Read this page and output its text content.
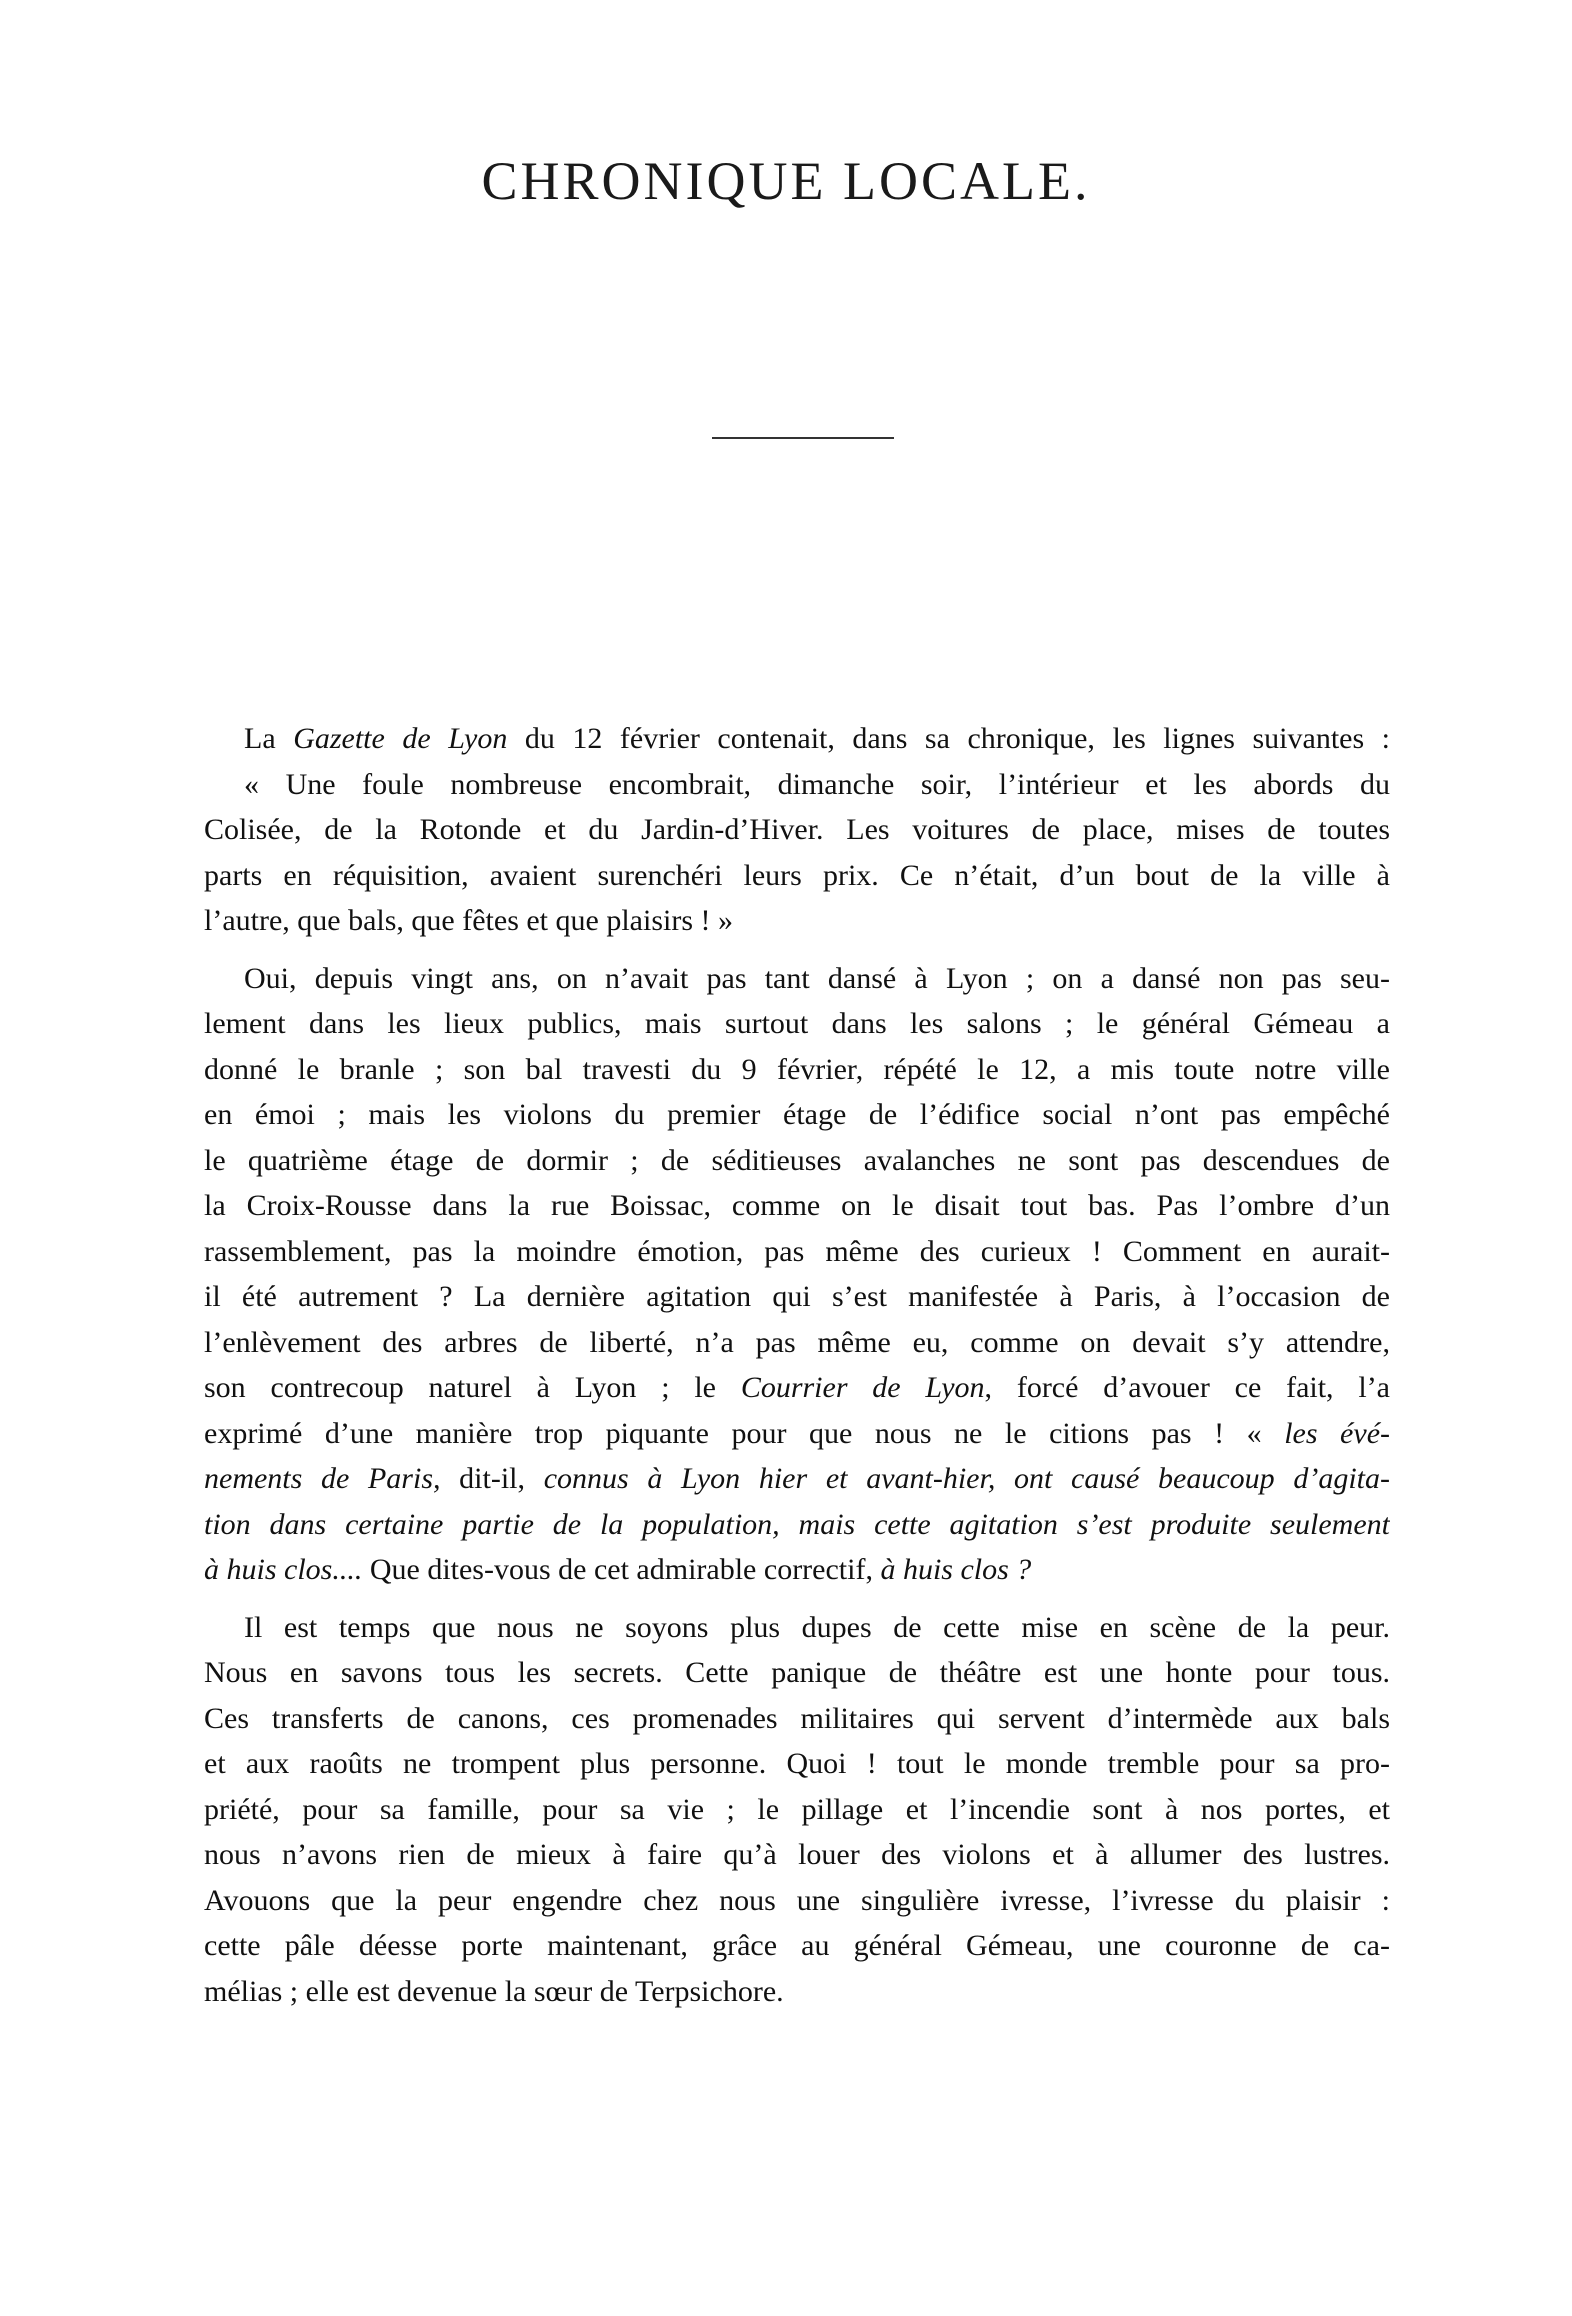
CHRONIQUE LOCALE.
La Gazette de Lyon du 12 février contenait, dans sa chronique, les lignes suivantes :
« Une foule nombreuse encombrait, dimanche soir, l’intérieur et les abords du
Colisée, de la Rotonde et du Jardin-d’Hiver. Les voitures de place, mises de toutes
parts en réquisition, avaient surenchéri leurs prix. Ce n’était, d’un bout de la ville à
l’autre, que bals, que fêtes et que plaisirs ! »
Oui, depuis vingt ans, on n’avait pas tant dansé à Lyon ; on a dansé non pas seu-
lement dans les lieux publics, mais surtout dans les salons ; le général Gémeau a
donné le branle ; son bal travesti du 9 février, répété le 12, a mis toute notre ville
en émoi ; mais les violons du premier étage de l’édifice social n’ont pas empêché
le quatrième étage de dormir ; de séditieuses avalanches ne sont pas descendues de
la Croix-Rousse dans la rue Boissac, comme on le disait tout bas. Pas l’ombre d’un
rassemblement, pas la moindre émotion, pas même des curieux ! Comment en aurait-
il été autrement ? La dernière agitation qui s’est manifestée à Paris, à l’occasion de
l’enlèvement des arbres de liberté, n’a pas même eu, comme on devait s’y attendre,
son contrecoup naturel à Lyon ; le Courrier de Lyon, forcé d’avouer ce fait, l’a
exprimé d’une manière trop piquante pour que nous ne le citions pas ! « les évé-
nements de Paris, dit-il, connus à Lyon hier et avant-hier, ont causé beaucoup d’agita-
tion dans certaine partie de la population, mais cette agitation s’est produite seulement
à huis clos.... Que dites-vous de cet admirable correctif, à huis clos ?
Il est temps que nous ne soyons plus dupes de cette mise en scène de la peur.
Nous en savons tous les secrets. Cette panique de théâtre est une honte pour tous.
Ces transferts de canons, ces promenades militaires qui servent d’intermède aux bals
et aux raoûts ne trompent plus personne. Quoi ! tout le monde tremble pour sa pro-
priété, pour sa famille, pour sa vie ; le pillage et l’incendie sont à nos portes, et
nous n’avons rien de mieux à faire qu’à louer des violons et à allumer des lustres.
Avouons que la peur engendre chez nous une singulière ivresse, l’ivresse du plaisir :
cette pâle déesse porte maintenant, grâce au général Gémeau, une couronne de ca-
mélias ; elle est devenue la sœur de Terpsichore.
